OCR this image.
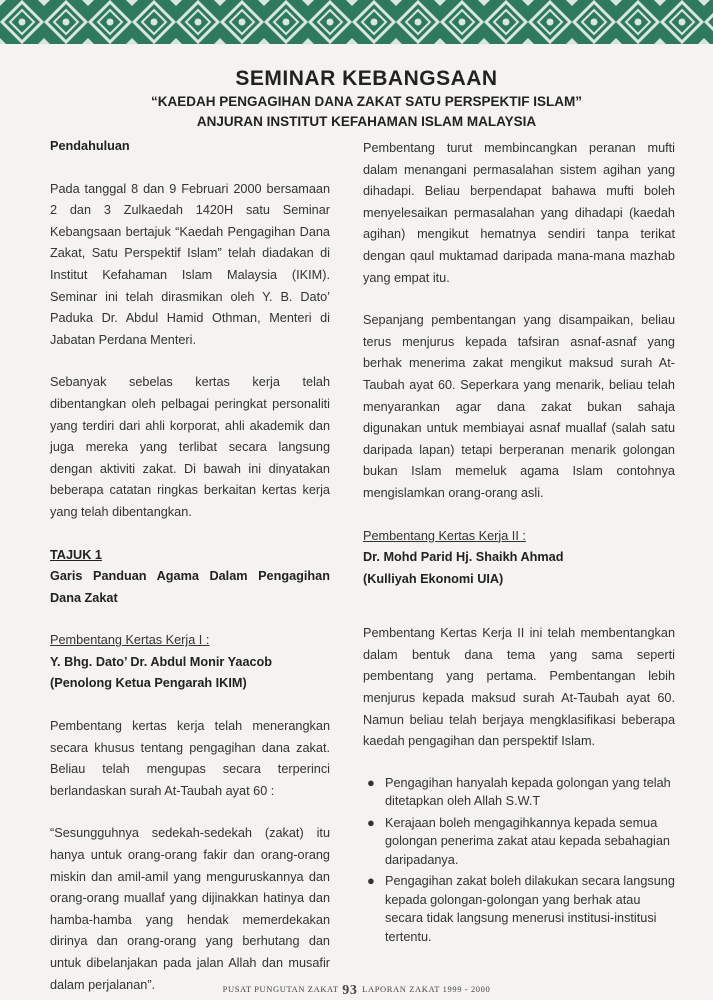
SEMINAR KEBANGSAAN
“KAEDAH PENGAGIHAN DANA ZAKAT SATU PERSPEKTIF ISLAM”
ANJURAN INSTITUT KEFAHAMAN ISLAM MALAYSIA

Pendahuluan

Pada tanggal 8 dan 9 Februari 2000 bersamaan 2 dan 3 Zulkaedah 1420H satu Seminar Kebangsaan bertajuk “Kaedah Pengagihan Dana Zakat, Satu Perspektif Islam” telah diadakan di Institut Kefahaman Islam Malaysia (IKIM). Seminar ini telah dirasmikan oleh Y. B. Dato’ Paduka Dr. Abdul Hamid Othman, Menteri di Jabatan Perdana Menteri.

Sebanyak sebelas kertas kerja telah dibentangkan oleh pelbagai peringkat personaliti yang terdiri dari ahli korporat, ahli akademik dan juga mereka yang terlibat secara langsung dengan aktiviti zakat. Di bawah ini dinyatakan beberapa catatan ringkas berkaitan kertas kerja yang telah dibentangkan.

TAJUK 1

Garis Panduan Agama Dalam Pengagihan Dana Zakat

Pembentang Kertas Kerja I :

Y. Bhg. Dato’ Dr. Abdul Monir Yaacob

(Penolong Ketua Pengarah IKIM)

Pembentang kertas kerja telah menerangkan secara khusus tentang pengagihan dana zakat. Beliau telah mengupas secara terperinci berlandaskan surah At-Taubah ayat 60 :

“Sesungguhnya sedekah-sedekah (zakat) itu hanya untuk orang-orang fakir dan orang-orang miskin dan amil-amil yang menguruskannya dan orang-orang muallaf yang dijinakkan hatinya dan hamba-hamba yang hendak memerdekakan dirinya dan orang-orang yang berhutang dan untuk dibelanjakan pada jalan Allah dan musafir dalam perjalanan”.

Pembentang turut membincangkan peranan mufti dalam menangani permasalahan sistem agihan yang dihadapi. Beliau berpendapat bahawa mufti boleh menyelesaikan permasalahan yang dihadapi (kaedah agihan) mengikut hematnya sendiri tanpa terikat dengan qaul muktamad daripada mana-mana mazhab yang empat itu.

Sepanjang pembentangan yang disampaikan, beliau terus menjurus kepada tafsiran asnaf-asnaf yang berhak menerima zakat mengikut maksud surah At-Taubah ayat 60. Seperkara yang menarik, beliau telah menyarankan agar dana zakat bukan sahaja digunakan untuk membiayai asnaf muallaf (salah satu daripada lapan) tetapi berperanan menarik golongan bukan Islam memeluk agama Islam contohnya mengislamkan orang-orang asli.

Pembentang Kertas Kerja II :

Dr. Mohd Parid Hj. Shaikh Ahmad

(Kulliyah Ekonomi UIA)

Pembentang Kertas Kerja II ini telah membentangkan dalam bentuk dana tema yang sama seperti pembentang yang pertama. Pembentangan lebih menjurus kepada maksud surah At-Taubah ayat 60. Namun beliau telah berjaya mengklasifikasi beberapa kaedah pengagihan dan perspektif Islam.

● Pengagihan hanyalah kepada golongan yang telah ditetapkan oleh Allah S.W.T
● Kerajaan boleh mengagihkannya kepada semua golongan penerima zakat atau kepada sebahagian daripadanya.
● Pengagihan zakat boleh dilakukan secara langsung kepada golongan-golongan yang berhak atau secara tidak langsung menerusi institusi-institusi tertentu.
PUSAT PUNGUTAN ZAKAT 93 LAPORAN ZAKAT 1999 - 2000
